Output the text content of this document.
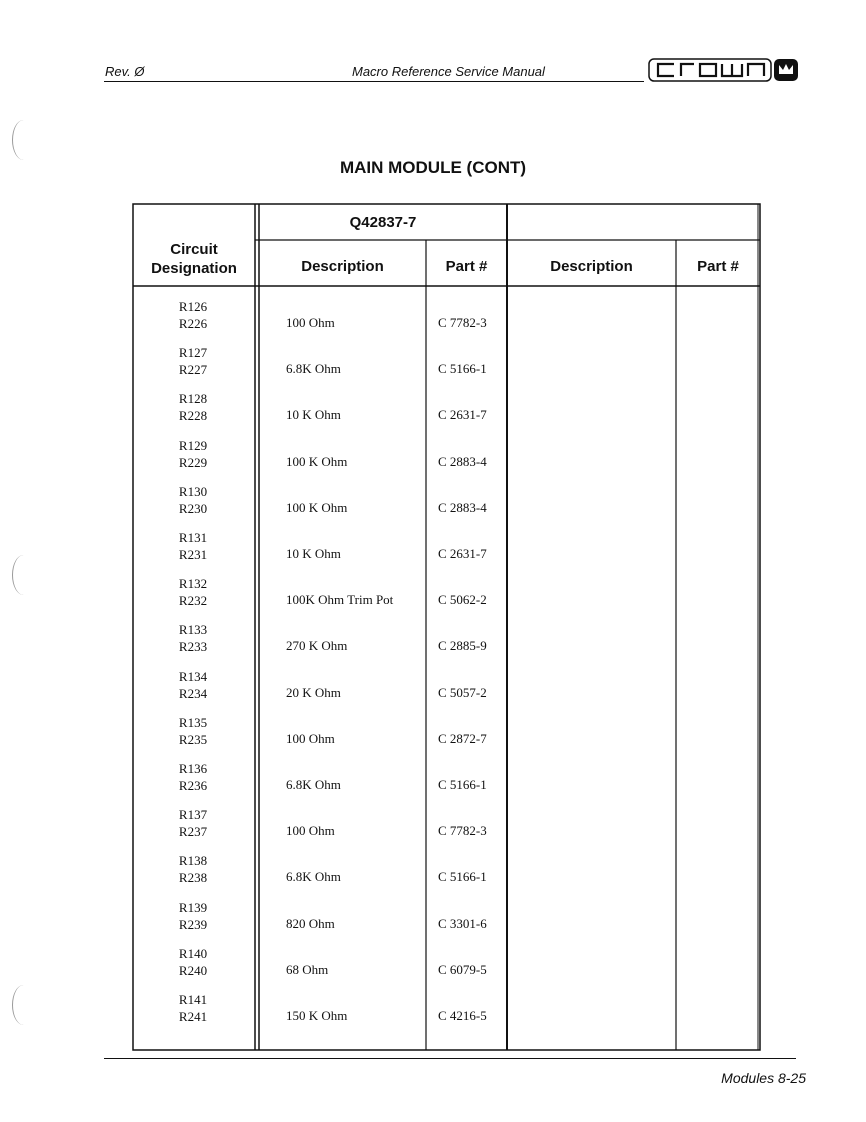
Rev. Ø	Macro Reference Service Manual
MAIN MODULE (CONT)
Q42837-7
Circuit Designation	Description	Part #	Description	Part #
R126
R226	100 Ohm	C 7782-3
R127
R227	6.8K Ohm	C 5166-1
R128
R228	10 K Ohm	C 2631-7
R129
R229	100 K Ohm	C 2883-4
R130
R230	100 K Ohm	C 2883-4
R131
R231	10 K Ohm	C 2631-7
R132
R232	100K Ohm Trim Pot	C 5062-2
R133
R233	270 K Ohm	C 2885-9
R134
R234	20 K Ohm	C 5057-2
R135
R235	100 Ohm	C 2872-7
R136
R236	6.8K Ohm	C 5166-1
R137
R237	100 Ohm	C 7782-3
R138
R238	6.8K Ohm	C 5166-1
R139
R239	820 Ohm	C 3301-6
R140
R240	68 Ohm	C 6079-5
R141
R241	150 K Ohm	C 4216-5
Modules 8-25
